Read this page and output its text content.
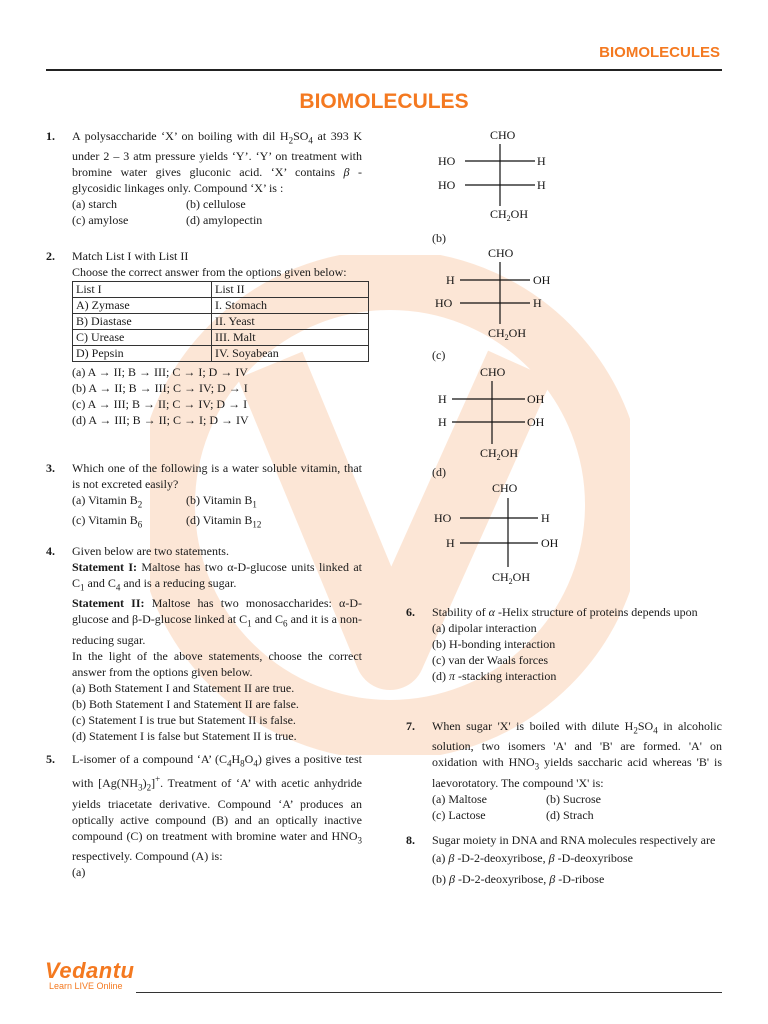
BIOMOLECULES
BIOMOLECULES
1.	A polysaccharide ‘X’ on boiling with dil $H_2SO_4$ at 393 K under 2 – 3 atm pressure yields ‘Y’. ‘Y’ on treatment with bromine water gives gluconic acid. ‘X’ contains β -glycosidic linkages only. Compound ‘X’ is :

(a) starch	(b) cellulose
(c) amylose	(d) amylopectin
2.	Match List I with List II

Choose the correct answer from the options given below:

List I	List II
A) Zymase	I. Stomach
B) Diastase	II. Yeast
C) Urease	III. Malt
D) Pepsin	IV. Soyabean
(a) A → II; B → III; C → I; D → IV
(b) A → II; B → III; C → IV; D → I
(c) A → III; B → II; C → IV; D → I
(d) A → III; B → II; C → I; D → IV
3.	Which one of the following is a water soluble vitamin, that is not excreted easily?

(a) Vitamin $B_2$	(b) Vitamin $B_1$
(c) Vitamin $B_6$	(d) Vitamin $B_{12}$
4.	Given below are two statements.

Statement I: Maltose has two α-D-glucose units linked at $C_1$ and $C_4$ and is a reducing sugar.

Statement II: Maltose has two monosaccharides: α-D-glucose and β-D-glucose linked at $C_1$ and $C_6$ and it is a non-reducing sugar.

In the light of the above statements, choose the correct answer from the options given below.

(a) Both Statement I and Statement II are true.
(b) Both Statement I and Statement II are false.
(c) Statement I is true but Statement II is false.
(d) Statement I is false but Statement II is true.
5.	L-isomer of a compound ‘A’ $(C_4H_8O_4)$ gives a positive test with $[Ag(NH_3)_2]^+$. Treatment of ‘A’ with acetic anhydride yields triacetate derivative. Compound ‘A’ produces an optically active compound (B) and an optically inactive compound (C) on treatment with bromine water and $HNO_3$ respectively. Compound (A) is:

(a)
CHO
HO	H
HO	H
$CH_2OH$
(b)
CHO
H	OH
HO	H
$CH_2OH$
(c)
CHO
H	OH
H	OH
$CH_2OH$
(d)
CHO
HO	H
H	OH
$CH_2OH$
6.	Stability of α -Helix structure of proteins depends upon

(a) dipolar interaction
(b) H-bonding interaction
(c) van der Waals forces
(d) π -stacking interaction
7.	When sugar 'X' is boiled with dilute $H_2SO_4$ in alcoholic solution, two isomers 'A' and 'B' are formed. 'A' on oxidation with $HNO_3$ yields saccharic acid whereas 'B' is laevorotatory. The compound 'X' is:

(a) Maltose	(b) Sucrose
(c) Lactose	(d) Strach
8.	Sugar moiety in DNA and RNA molecules respectively are

(a) β -D-2-deoxyribose, β -D-deoxyribose
(b) β -D-2-deoxyribose, β -D-ribose
Vedantu
Learn LIVE Online
